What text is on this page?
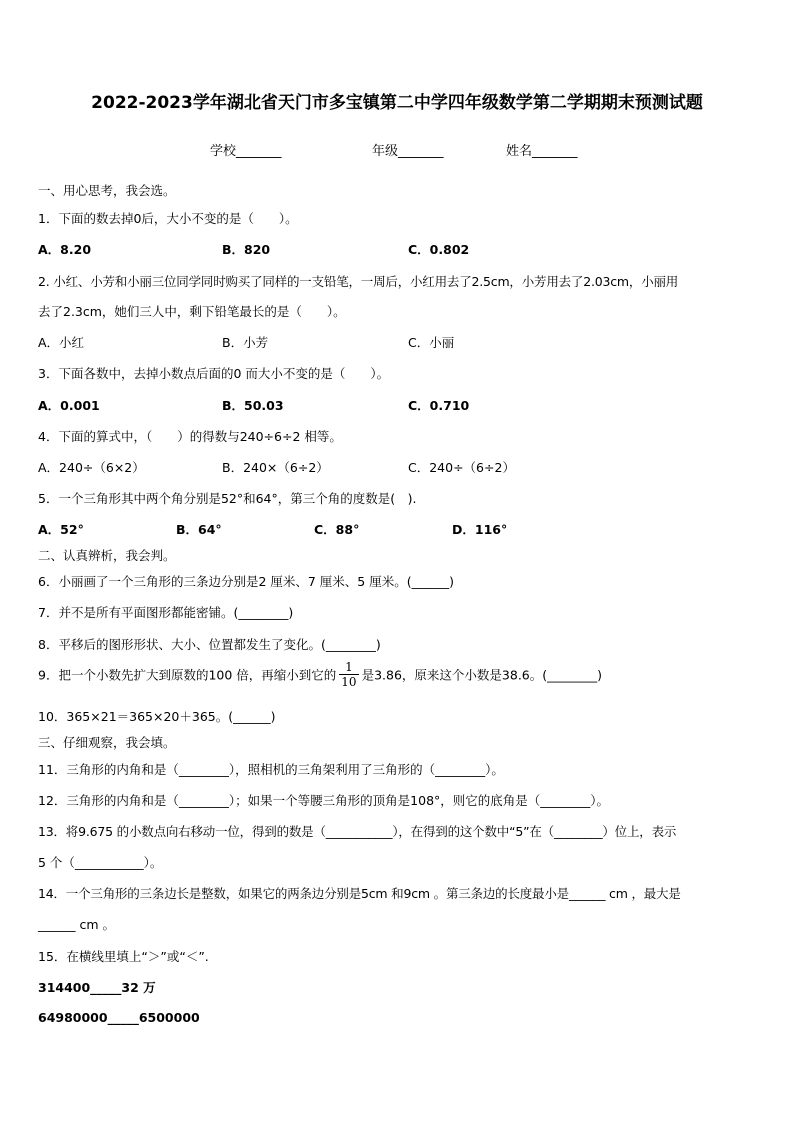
2022-2023学年湖北省天门市多宝镇第二中学四年级数学第二学期期末预测试题
学校_______	年级_______	姓名_______
一、用心思考，我会选。
1．下面的数去掉0后，大小不变的是（　　）。
A．8.20	B．820	C．0.802
2. 小红、小芳和小丽三位同学同时购买了同样的一支铅笔，一周后，小红用去了2.5cm，小芳用去了2.03cm，小丽用
去了2.3cm，她们三人中，剩下铅笔最长的是（　　）。
A．小红	B．小芳	C．小丽
3．下面各数中，去掉小数点后面的0 而大小不变的是（　　）。
A．0.001	B．50.03	C．0.710
4．下面的算式中，（　　）的得数与240÷6÷2 相等。
A．240÷（6×2）	B．240×（6÷2）	C．240÷（6÷2）
5．一个三角形其中两个角分别是52°和64°，第三个角的度数是(　).
A．52°	B．64°	C．88°	D．116°
二、认真辨析，我会判。
6．小丽画了一个三角形的三条边分别是2 厘米、7 厘米、5 厘米。(______)
7．并不是所有平面图形都能密铺。(________)
8．平移后的图形形状、大小、位置都发生了变化。(________)
9．把一个小数先扩大到原数的100 倍，再缩小到它的 $\frac{1}{10}$ 是3.86，原来这个小数是38.6。(________)
10．365×21＝365×20＋365。(______)
三、仔细观察，我会填。
11．三角形的内角和是（________），照相机的三角架利用了三角形的（________）。
12．三角形的内角和是（________）；如果一个等腰三角形的顶角是108°，则它的底角是（________）。
13．将9.675 的小数点向右移动一位，得到的数是（___________），在得到的这个数中“5”在（________）位上，表示
5 个（___________）。
14．一个三角形的三条边长是整数，如果它的两条边分别是5cm 和9cm 。第三条边的长度最小是______ cm ，最大是
______ cm 。
15．在横线里填上“＞”或“＜”.
314400_____32 万
64980000_____6500000
